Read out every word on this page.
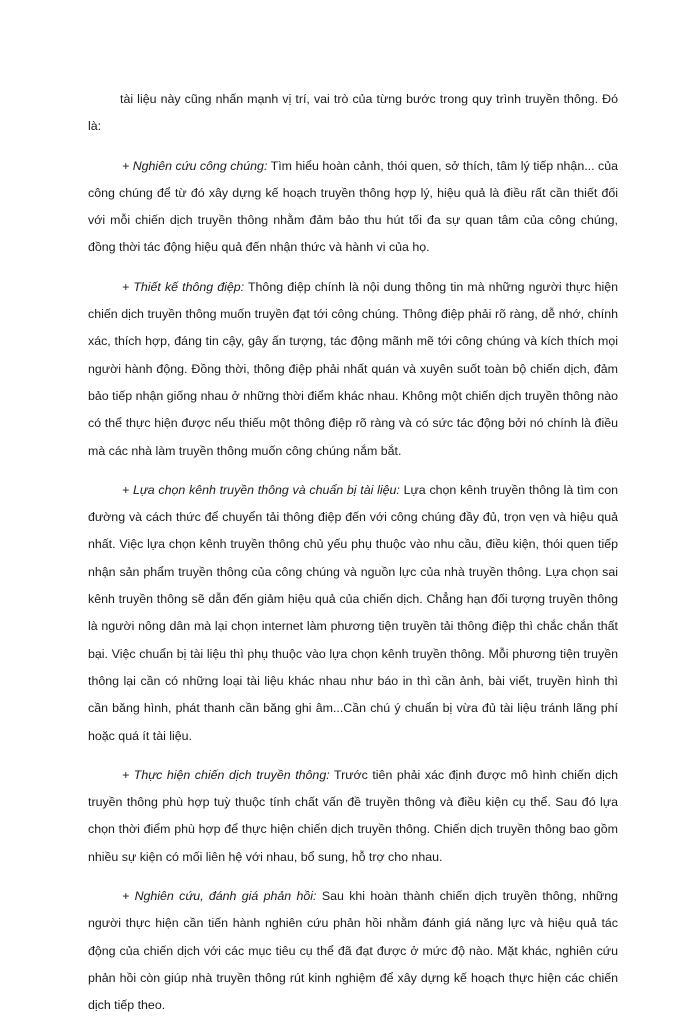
tài liệu này cũng nhấn mạnh vị trí, vai trò của từng bước trong quy trình truyền thông. Đó là:

+ Nghiên cứu công chúng: Tìm hiểu hoàn cảnh, thói quen, sở thích, tâm lý tiếp nhận... của công chúng để từ đó xây dựng kế hoạch truyền thông hợp lý, hiệu quả là điều rất cần thiết đối với mỗi chiến dịch truyền thông nhằm đảm bảo thu hút tối đa sự quan tâm của công chúng, đồng thời tác động hiệu quả đến nhận thức và hành vi của họ.

+ Thiết kế thông điệp: Thông điệp chính là nội dung thông tin mà những người thực hiện chiến dịch truyền thông muốn truyền đạt tới công chúng. Thông điệp phải rõ ràng, dễ nhớ, chính xác, thích hợp, đáng tin cậy, gây ấn tượng, tác động mãnh mẽ tới công chúng và kích thích mọi người hành động. Đồng thời, thông điệp phải nhất quán và xuyên suốt toàn bộ chiến dịch, đảm bảo tiếp nhận giống nhau ở những thời điểm khác nhau. Không một chiến dịch truyền thông nào có thể thực hiện được nếu thiếu một thông điệp rõ ràng và có sức tác động bởi nó chính là điều mà các nhà làm truyền thông muốn công chúng nắm bắt.

+ Lựa chọn kênh truyền thông và chuẩn bị tài liệu: Lựa chọn kênh truyền thông là tìm con đường và cách thức để chuyển tải thông điệp đến với công chúng đầy đủ, trọn vẹn và hiệu quả nhất. Việc lựa chọn kênh truyền thông chủ yếu phụ thuộc vào nhu cầu, điều kiện, thói quen tiếp nhận sản phẩm truyền thông của công chúng và nguồn lực của nhà truyền thông. Lựa chọn sai kênh truyền thông sẽ dẫn đến giảm hiệu quả của chiến dịch. Chẳng hạn đối tượng truyền thông là người nông dân mà lại chọn internet làm phương tiện truyền tải thông điệp thì chắc chắn thất bại. Việc chuẩn bị tài liệu thì phụ thuộc vào lựa chọn kênh truyền thông. Mỗi phương tiện truyền thông lại cần có những loại tài liệu khác nhau như báo in thì cần ảnh, bài viết, truyền hình thì cần băng hình, phát thanh cần băng ghi âm...Cần chú ý chuẩn bị vừa đủ tài liệu tránh lãng phí hoặc quá ít tài liệu.

+ Thực hiện chiến dịch truyền thông: Trước tiên phải xác định được mô hình chiến dịch truyền thông phù hợp tuỳ thuộc tính chất vấn đề truyền thông và điều kiện cụ thể. Sau đó lựa chọn thời điểm phù hợp để thực hiện chiến dịch truyền thông. Chiến dịch truyền thông bao gồm nhiều sự kiện có mối liên hệ với nhau, bổ sung, hỗ trợ cho nhau.

+ Nghiên cứu, đánh giá phản hồi: Sau khi hoàn thành chiến dịch truyền thông, những người thực hiện cần tiến hành nghiên cứu phản hồi nhằm đánh giá năng lực và hiệu quả tác động của chiến dịch với các mục tiêu cụ thể đã đạt được ở mức độ nào. Mặt khác, nghiên cứu phản hồi còn giúp nhà truyền thông rút kinh nghiệm để xây dựng kế hoạch thực hiện các chiến dịch tiếp theo.
